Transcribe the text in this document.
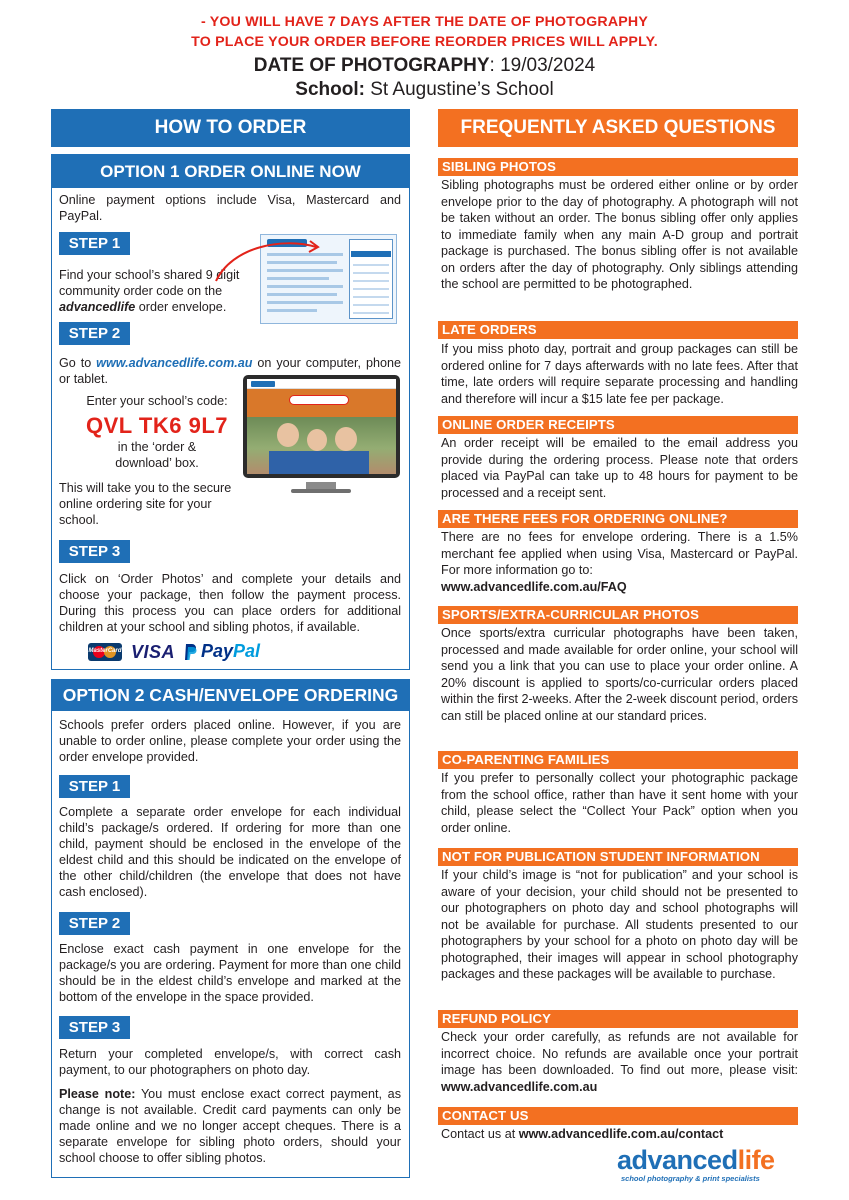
- YOU WILL HAVE 7 DAYS AFTER THE DATE OF PHOTOGRAPHY
TO PLACE YOUR ORDER BEFORE REORDER PRICES WILL APPLY.
DATE OF PHOTOGRAPHY: 19/03/2024
School: St Augustine’s School
HOW TO ORDER
OPTION 1 ORDER ONLINE NOW
Online payment options include Visa, Mastercard and PayPal.
STEP 1
Find your school’s shared 9 digit community order code on the advancedlife order envelope.
STEP 2
Go to www.advancedlife.com.au on your computer, phone or tablet.
Enter your school’s code:
QVL TK6 9L7
in the ‘order & download’ box.
This will take you to the secure online ordering site for your school.
STEP 3
Click on ‘Order Photos’ and complete your details and choose your package, then follow the payment process. During this process you can place orders for additional children at your school and sibling photos, if available.
MasterCard VISA PayPal
OPTION 2 CASH/ENVELOPE ORDERING
Schools prefer orders placed online. However, if you are unable to order online, please complete your order using the order envelope provided.
STEP 1
Complete a separate order envelope for each individual child’s package/s ordered. If ordering for more than one child, payment should be enclosed in the envelope of the eldest child and this should be indicated on the envelope of the other child/children (the envelope that does not have cash enclosed).
STEP 2
Enclose exact cash payment in one envelope for the package/s you are ordering. Payment for more than one child should be in the eldest child’s envelope and marked at the bottom of the envelope in the space provided.
STEP 3
Return your completed envelope/s, with correct cash payment, to our photographers on photo day.
Please note: You must enclose exact correct payment, as change is not available. Credit card payments can only be made online and we no longer accept cheques. There is a separate envelope for sibling photo orders, should your school choose to offer sibling photos.
FREQUENTLY ASKED QUESTIONS
SIBLING PHOTOS
Sibling photographs must be ordered either online or by order envelope prior to the day of photography. A photograph will not be taken without an order. The bonus sibling offer only applies to immediate family when any main A-D group and portrait package is purchased. The bonus sibling offer is not available on orders after the day of photography. Only siblings attending the school are permitted to be photographed.
LATE ORDERS
If you miss photo day, portrait and group packages can still be ordered online for 7 days afterwards with no late fees. After that time, late orders will require separate processing and handling and therefore will incur a $15 late fee per package.
ONLINE ORDER RECEIPTS
An order receipt will be emailed to the email address you provide during the ordering process. Please note that orders placed via PayPal can take up to 48 hours for payment to be processed and a receipt sent.
ARE THERE FEES FOR ORDERING ONLINE?
There are no fees for envelope ordering. There is a 1.5% merchant fee applied when using Visa, Mastercard or PayPal. For more information go to:
www.advancedlife.com.au/FAQ
SPORTS/EXTRA-CURRICULAR PHOTOS
Once sports/extra curricular photographs have been taken, processed and made available for order online, your school will send you a link that you can use to place your order online. A 20% discount is applied to sports/co-curricular orders placed within the first 2-weeks. After the 2-week discount period, orders can still be placed online at our standard prices.
CO-PARENTING FAMILIES
If you prefer to personally collect your photographic package from the school office, rather than have it sent home with your child, please select the “Collect Your Pack” option when you order online.
NOT FOR PUBLICATION STUDENT INFORMATION
If your child’s image is “not for publication” and your school is aware of your decision, your child should not be presented to our photographers on photo day and school photographs will not be available for purchase. All students presented to our photographers by your school for a photo on photo day will be photographed, their images will appear in school photography packages and these packages will be available to purchase.
REFUND POLICY
Check your order carefully, as refunds are not available for incorrect choice. No refunds are available once your portrait image has been downloaded. To find out more, please visit: www.advancedlife.com.au
CONTACT US
Contact us at www.advancedlife.com.au/contact
advancedlife
school photography & print specialists
